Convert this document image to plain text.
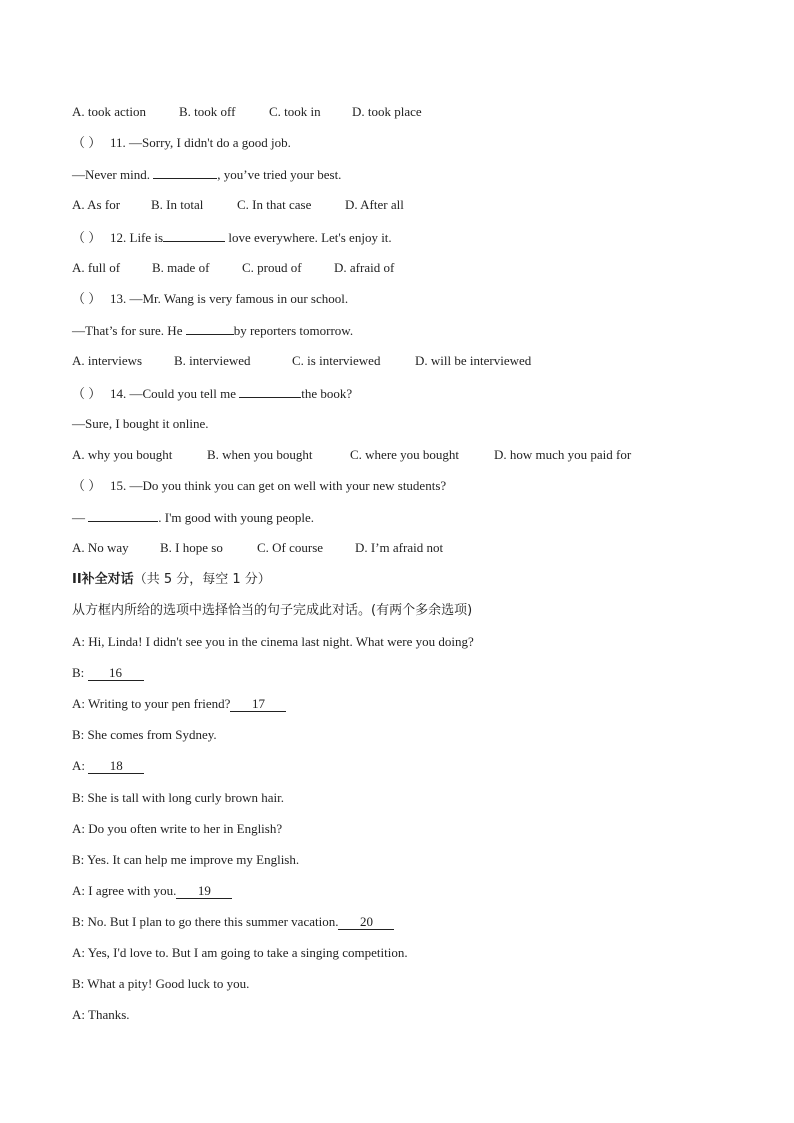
A. took action	B. took off	C. took in D. took place
（ ） 11. —Sorry, I didn't do a good job.
—Never mind.	, you’ve tried your best.
A. As for B. In total	C. In that case	D. After all
（ ） 12. Life is	love everywhere. Let's enjoy it.
A. full of B. made of	C. proud of D. afraid of
（ ） 13. —Mr. Wang is very famous in our school.
—That’s for sure. He	by reporters tomorrow.
A. interviews B. interviewed	C. is interviewed	D. will be interviewed
（ ） 14. —Could you tell me	the book?
—Sure, I bought it online.
A. why you bought	B. when you bought	C. where you bought	D. how much you paid for
（ ） 15. —Do you think you can get on well with your new students?
—	. I'm good with young people.
A. No way B. I hope so	C. Of course D. I’m afraid not
II补全对话（共 5 分，每空 1 分）
从方框内所给的选项中选择恰当的句子完成此对话。(有两个多余选项)
A: Hi, Linda! I didn't see you in the cinema last night. What were you doing?
B: 16
A: Writing to your pen friend? 17
B: She comes from Sydney.
A: 18
B: She is tall with long curly brown hair.
A: Do you often write to her in English?
B: Yes. It can help me improve my English.
A: I agree with you. 19
B: No. But I plan to go there this summer vacation. 20
A: Yes, I'd love to. But I am going to take a singing competition.
B: What a pity! Good luck to you.
A: Thanks.
